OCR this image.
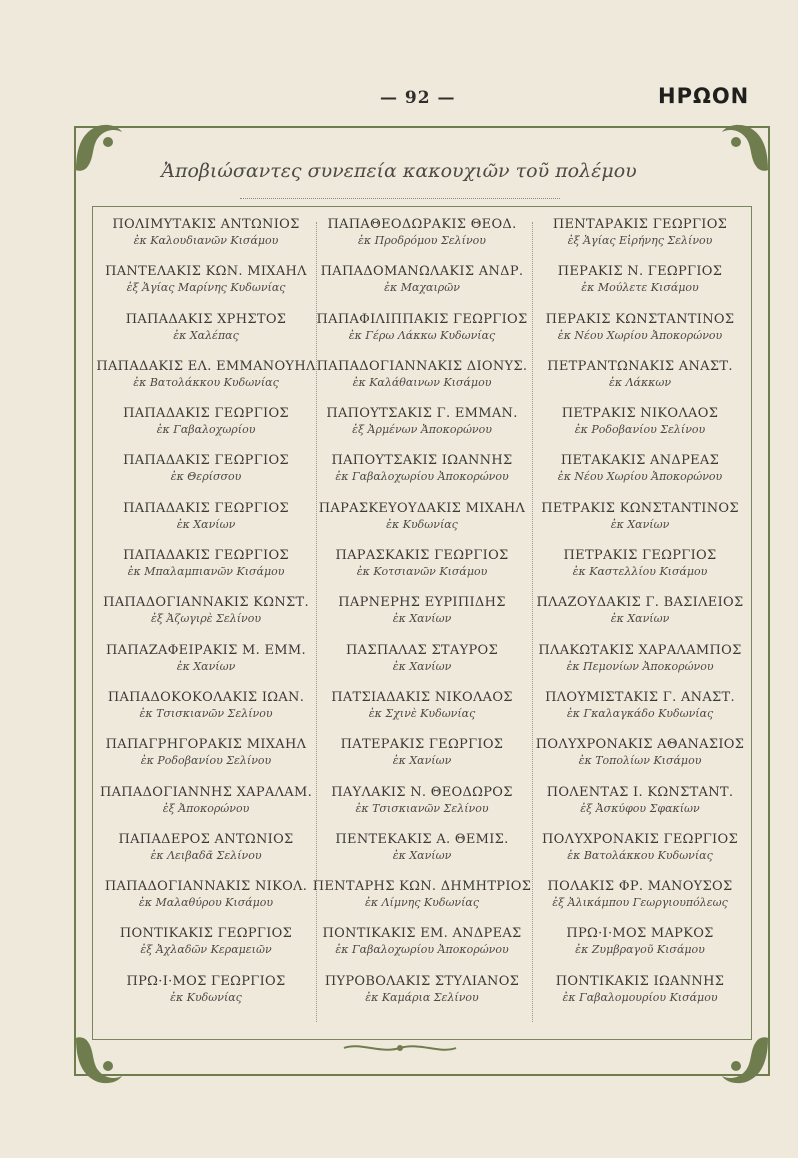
— 92 —	ΗΡΩΟΝ
Ἀποβιώσαντες συνεπεία κακουχιῶν τοῦ πολέμου
ΠΟΛΙΜΥΤΑΚΙΣ ΑΝΤΩΝΙΟΣ
ἐκ Καλουδιανῶν Κισάμου
ΠΑΝΤΕΛΑΚΙΣ ΚΩΝ. ΜΙΧΑΗΛ
ἐξ Ἁγίας Μαρίνης Κυδωνίας
ΠΑΠΑΔΑΚΙΣ ΧΡΗΣΤΟΣ
ἐκ Χαλέπας
ΠΑΠΑΔΑΚΙΣ ΕΛ. ΕΜΜΑΝΟΥΗΛ
ἐκ Βατολάκκου Κυδωνίας
ΠΑΠΑΔΑΚΙΣ ΓΕΩΡΓΙΟΣ
ἐκ Γαβαλοχωρίου
ΠΑΠΑΔΑΚΙΣ ΓΕΩΡΓΙΟΣ
ἐκ Θερίσσου
ΠΑΠΑΔΑΚΙΣ ΓΕΩΡΓΙΟΣ
ἐκ Χανίων
ΠΑΠΑΔΑΚΙΣ ΓΕΩΡΓΙΟΣ
ἐκ Μπαλαμπιανῶν Κισάμου
ΠΑΠΑΔΟΓΙΑΝΝΑΚΙΣ ΚΩΝΣΤ.
ἐξ Ἀζωγιρὲ Σελίνου
ΠΑΠΑΖΑΦΕΙΡΑΚΙΣ Μ. ΕΜΜ.
ἐκ Χανίων
ΠΑΠΑΔΟΚΟΚΟΛΑΚΙΣ ΙΩΑΝ.
ἐκ Τσισκιανῶν Σελίνου
ΠΑΠΑΓΡΗΓΟΡΑΚΙΣ ΜΙΧΑΗΛ
ἐκ Ροδοβανίου Σελίνου
ΠΑΠΑΔΟΓΙΑΝΝΗΣ ΧΑΡΑΛΑΜ.
ἐξ Ἀποκορώνου
ΠΑΠΑΔΕΡΟΣ ΑΝΤΩΝΙΟΣ
ἐκ Λειβαδᾶ Σελίνου
ΠΑΠΑΔΟΓΙΑΝΝΑΚΙΣ ΝΙΚΟΛ.
ἐκ Μαλαθύρου Κισάμου
ΠΟΝΤΙΚΑΚΙΣ ΓΕΩΡΓΙΟΣ
ἐξ Ἀχλαδῶν Κεραμειῶν
ΠΡΩ·Ι·ΜΟΣ ΓΕΩΡΓΙΟΣ
ἐκ Κυδωνίας
ΠΑΠΑΘΕΟΔΩΡΑΚΙΣ ΘΕΟΔ.
ἐκ Προδρόμου Σελίνου
ΠΑΠΑΔΟΜΑΝΩΛΑΚΙΣ ΑΝΔΡ.
ἐκ Μαχαιρῶν
ΠΑΠΑΦΙΛΙΠΠΑΚΙΣ ΓΕΩΡΓΙΟΣ
ἐκ Γέρω Λάκκω Κυδωνίας
ΠΑΠΑΔΟΓΙΑΝΝΑΚΙΣ ΔΙΟΝΥΣ.
ἐκ Καλάθαινων Κισάμου
ΠΑΠΟΥΤΣΑΚΙΣ Γ. ΕΜΜΑΝ.
ἐξ Ἀρμένων Ἀποκορώνου
ΠΑΠΟΥΤΣΑΚΙΣ ΙΩΑΝΝΗΣ
ἐκ Γαβαλοχωρίου Ἀποκορώνου
ΠΑΡΑΣΚΕΥΟΥΔΑΚΙΣ ΜΙΧΑΗΛ
ἐκ Κυδωνίας
ΠΑΡΑΣΚΑΚΙΣ ΓΕΩΡΓΙΟΣ
ἐκ Κοτσιανῶν Κισάμου
ΠΑΡΝΕΡΗΣ ΕΥΡΙΠΙΔΗΣ
ἐκ Χανίων
ΠΑΣΠΑΛΑΣ ΣΤΑΥΡΟΣ
ἐκ Χανίων
ΠΑΤΣΙΑΔΑΚΙΣ ΝΙΚΟΛΑΟΣ
ἐκ Σχινὲ Κυδωνίας
ΠΑΤΕΡΑΚΙΣ ΓΕΩΡΓΙΟΣ
ἐκ Χανίων
ΠΑΥΛΑΚΙΣ Ν. ΘΕΟΔΩΡΟΣ
ἐκ Τσισκιανῶν Σελίνου
ΠΕΝΤΕΚΑΚΙΣ Α. ΘΕΜΙΣ.
ἐκ Χανίων
ΠΕΝΤΑΡΗΣ ΚΩΝ. ΔΗΜΗΤΡΙΟΣ
ἐκ Λίμνης Κυδωνίας
ΠΟΝΤΙΚΑΚΙΣ ΕΜ. ΑΝΔΡΕΑΣ
ἐκ Γαβαλοχωρίου Ἀποκορώνου
ΠΥΡΟΒΟΛΑΚΙΣ ΣΤΥΛΙΑΝΟΣ
ἐκ Καμάρια Σελίνου
ΠΕΝΤΑΡΑΚΙΣ ΓΕΩΡΓΙΟΣ
ἐξ Ἁγίας Εἰρήνης Σελίνου
ΠΕΡΑΚΙΣ Ν. ΓΕΩΡΓΙΟΣ
ἐκ Μούλετε Κισάμου
ΠΕΡΑΚΙΣ ΚΩΝΣΤΑΝΤΙΝΟΣ
ἐκ Νέου Χωρίου Ἀποκορώνου
ΠΕΤΡΑΝΤΩΝΑΚΙΣ ΑΝΑΣΤ.
ἐκ Λάκκων
ΠΕΤΡΑΚΙΣ ΝΙΚΟΛΑΟΣ
ἐκ Ροδοβανίου Σελίνου
ΠΕΤΑΚΑΚΙΣ ΑΝΔΡΕΑΣ
ἐκ Νέου Χωρίου Ἀποκορώνου
ΠΕΤΡΑΚΙΣ ΚΩΝΣΤΑΝΤΙΝΟΣ
ἐκ Χανίων
ΠΕΤΡΑΚΙΣ ΓΕΩΡΓΙΟΣ
ἐκ Καστελλίου Κισάμου
ΠΛΑΖΟΥΔΑΚΙΣ Γ. ΒΑΣΙΛΕΙΟΣ
ἐκ Χανίων
ΠΛΑΚΩΤΑΚΙΣ ΧΑΡΑΛΑΜΠΟΣ
ἐκ Πεμονίων Ἀποκορώνου
ΠΛΟΥΜΙΣΤΑΚΙΣ Γ. ΑΝΑΣΤ.
ἐκ Γκαλαγκάδο Κυδωνίας
ΠΟΛΥΧΡΟΝΑΚΙΣ ΑΘΑΝΑΣΙΟΣ
ἐκ Τοπολίων Κισάμου
ΠΟΛΕΝΤΑΣ Ι. ΚΩΝΣΤΑΝΤ.
ἐξ Ἀσκύφου Σφακίων
ΠΟΛΥΧΡΟΝΑΚΙΣ ΓΕΩΡΓΙΟΣ
ἐκ Βατολάκκου Κυδωνίας
ΠΟΛΑΚΙΣ ΦΡ. ΜΑΝΟΥΣΟΣ
ἐξ Ἀλικάμπου Γεωργιουπόλεως
ΠΡΩ·Ι·ΜΟΣ ΜΑΡΚΟΣ
ἐκ Ζυμβραγοῦ Κισάμου
ΠΟΝΤΙΚΑΚΙΣ ΙΩΑΝΝΗΣ
ἐκ Γαβαλομουρίου Κισάμου
